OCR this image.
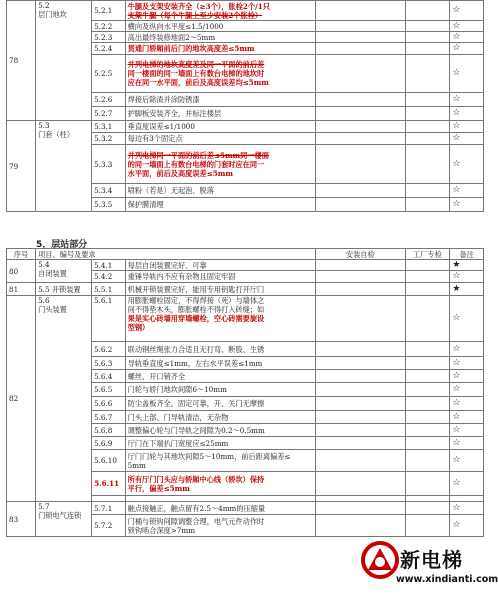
78	5.2
层门地坎	5.2.1	牛腿及支架安装齐全（≥3个），胀栓2个/1只
支架牛腿（每个牛腿上至少安装2个胀栓）			☆
		5.2.2	横向及纵向水平度≤1.5/1000			☆
		5.2.3	高出最终装修地面2～5mm			☆
		5.2.4	贯通门轿厢前后门的地坎高度差≤5mm			☆
		5.2.5	并列电梯的地坎高度差及同一平面的前后差
同一楼面的同一墙面上有数台电梯的地坎时
应在同一水平面，前后及高度误差均≤5mm			☆
		5.2.6	焊接后除渣并涂防锈漆			☆
		5.2.7	护脚板安装齐全，并标注楼层			☆
79	5.3
门套（柱）	5.3.1	垂直度误差≤1/1000			☆
		5.3.2	每边有3个固定点			☆
		5.3.3	并列电梯同一平面的前后差≤5mm同一楼面
的同一墙面上有数台电梯的门套时应在同一
水平面，前后及高度误差≤5mm			☆
		5.3.4	喷粉（若是）无起泡、脱落			☆
		5.3.5	保护膜清理			☆
5，层站部分
序号	项目、编号及要求			安装自检	工厂专检	备注
80	5.4
自闭装置	5.4.1	每层自闭装置完好、可靠			★
		5.4.2	重锤导轨内不应有杂物且固定牢固			☆
81	5.5 开锁装置	5.5.1	机械开锁装置完好，能用专用钥匙打开厅门			★
82	5.6
门头装置	5.6.1	用膨胀螺栓固定，不得焊接（死）与墙体之
间不得垫木头，膨胀螺栓不得打入砖缝；如
果是实心砖墙用穿墙螺栓，空心砖需要旋设
型钢）			☆
		5.6.2	联动钢丝绳张力合适且无打弯、断股、生锈			☆
		5.6.3	导轨垂直度≤1mm，左右水平误差≤1mm			☆
		5.6.4	螺丝、开口销齐全			☆
		5.6.5	门轮与轿门地坎间隙6～10mm			☆
		5.6.6	防尘盖板齐全，固定可靠，开、关门无摩擦			☆
		5.6.7	门头上部、门导轨清洁，无杂物			☆
		5.6.8	调整偏心轮与门导轨之间隙为0.2～0.5mm			☆
		5.6.9	厅门在下端扒门宽度应≤25mm			☆
		5.6.10	厅门门轮与其地坎间隙5～10mm，前后距离偏差≤
5mm			☆
		5.6.11	所有厅门门头应与轿厢中心线（轿坎）保持
平行，偏差≤5mm			☆

83	5.7
门锁电气连锁	5.7.1	触点接触正，触点留有2.5～4mm的压缩量			☆
		5.7.2	门桶与锁钩间隙调整合理，电气元件动作时
锁钩啮合深度>7mm			☆
新电梯
www.xindianti.com
